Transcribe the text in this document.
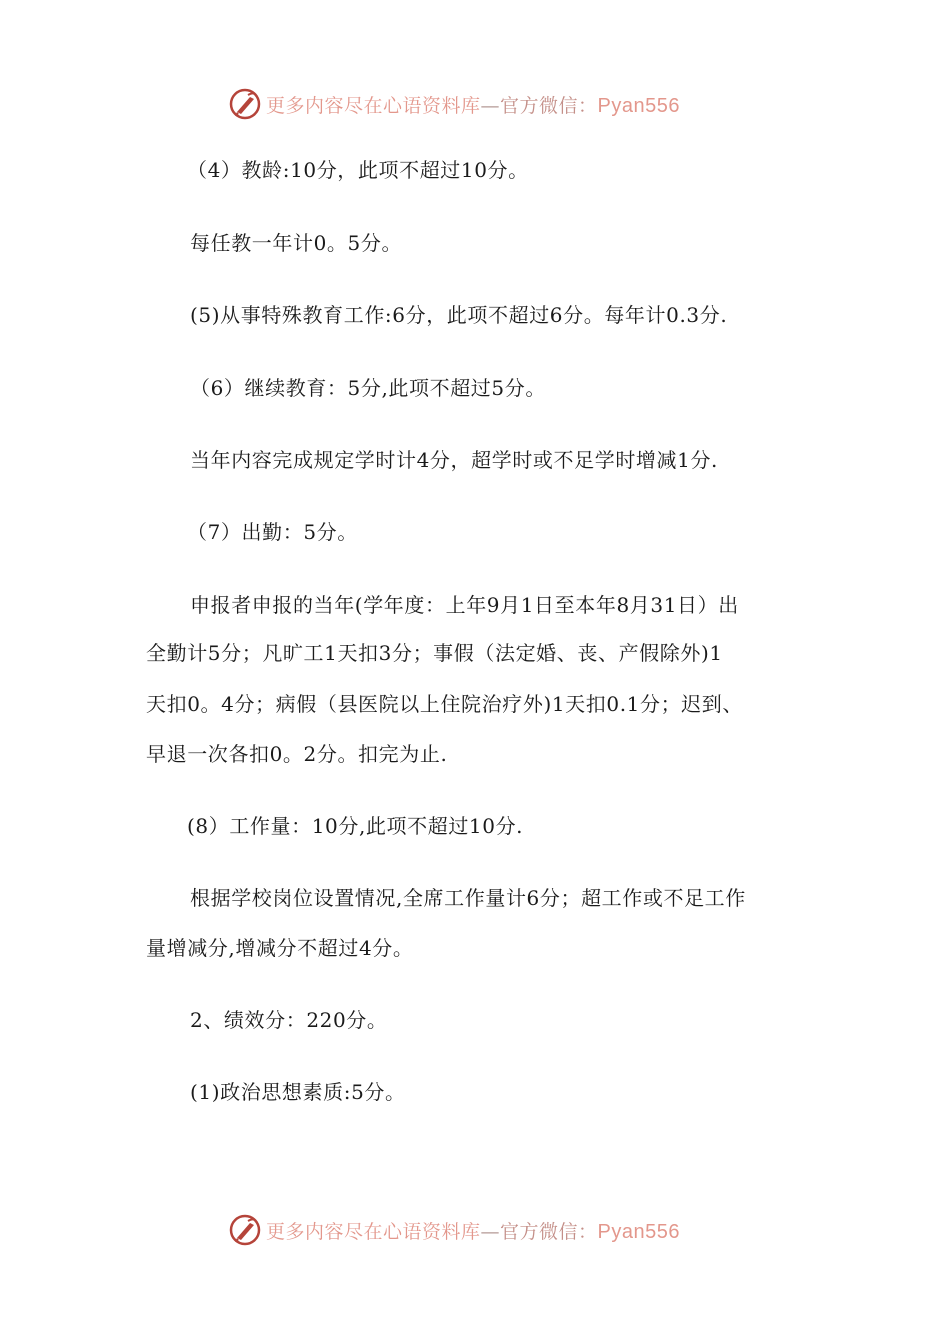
更多内容尽在心语资料库—官方微信：Pyan556
（4）教龄:10分，此项不超过10分。
每任教一年计0。5分。
(5)从事特殊教育工作:6分，此项不超过6分。每年计0.3分.
（6）继续教育：5分,此项不超过5分。
当年内容完成规定学时计4分，超学时或不足学时增减1分.
（7）出勤：5分。
申报者申报的当年(学年度：上年9月1日至本年8月31日）出
全勤计5分；凡旷工1天扣3分；事假（法定婚、丧、产假除外)1
天扣0。4分；病假（县医院以上住院治疗外)1天扣0.1分；迟到、
早退一次各扣0。2分。扣完为止.
(8）工作量：10分,此项不超过10分.
根据学校岗位设置情况,全席工作量计6分；超工作或不足工作
量增减分,增减分不超过4分。
2、绩效分：220分。
(1)政治思想素质:5分。
更多内容尽在心语资料库—官方微信：Pyan556
